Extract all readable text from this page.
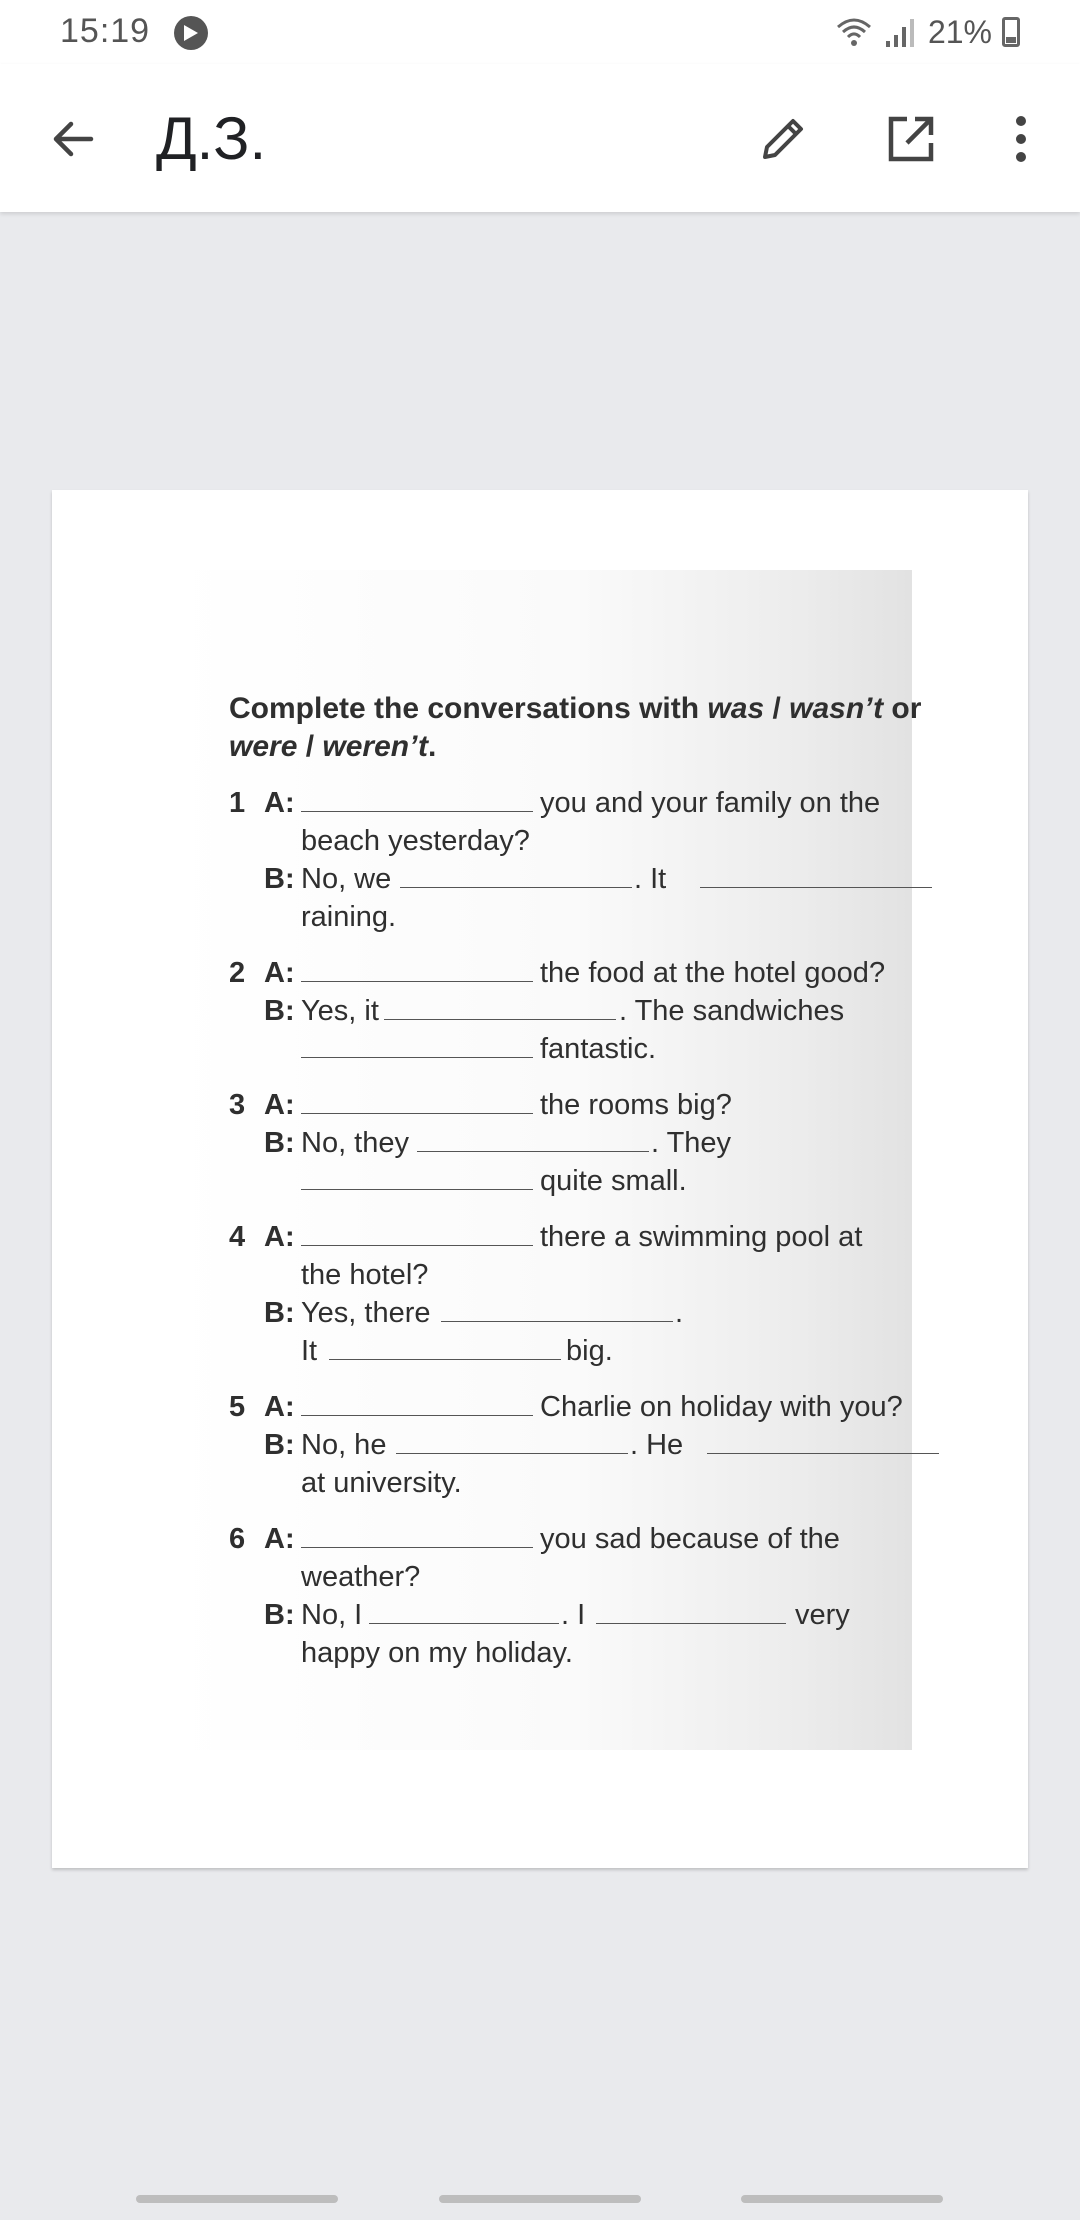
15:19	21%
Д.З.
Complete the conversations with was / wasn’t or
were / weren’t.
1 A:	you and your family on the
beach yesterday?
B: No, we	. It
raining.
2 A:	the food at the hotel good?
B: Yes, it	. The sandwiches
fantastic.
3 A:	the rooms big?
B: No, they	. They
quite small.
4 A:	there a swimming pool at
the hotel?
B: Yes, there	.
It	big.
5 A:	Charlie on holiday with you?
B: No, he	. He
at university.
6 A:	you sad because of the
weather?
B: No, I	. I	very
happy on my holiday.
